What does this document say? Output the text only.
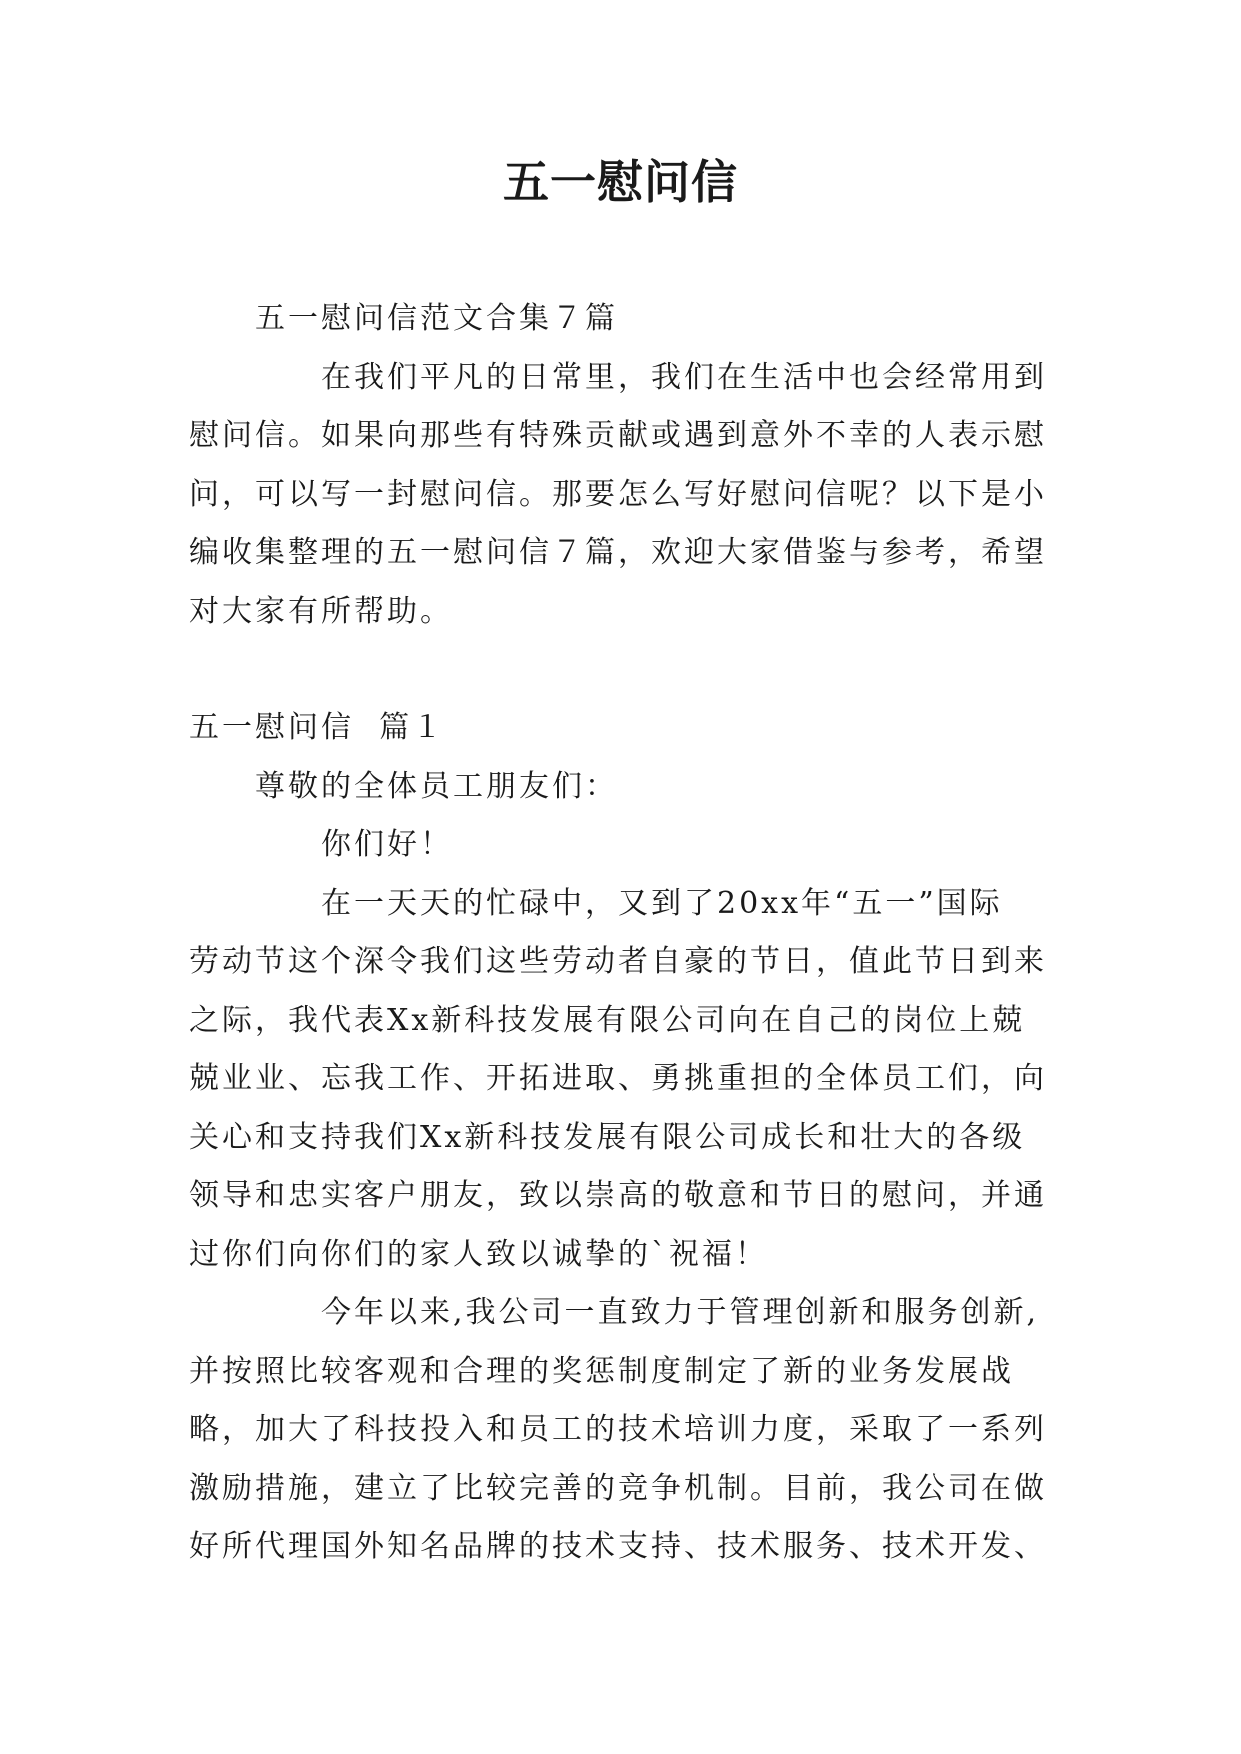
五一慰问信
五一慰问信范文合集７篇
在我们平凡的日常里，我们在生活中也会经常用到
慰问信。如果向那些有特殊贡献或遇到意外不幸的人表示慰
问，可以写一封慰问信。那要怎么写好慰问信呢？以下是小
编收集整理的五一慰问信７篇，欢迎大家借鉴与参考，希望
对大家有所帮助。
五一慰问信  篇１
尊敬的全体员工朋友们：
你们好！
在一天天的忙碌中，又到了20xx年“五一”国际
劳动节这个深令我们这些劳动者自豪的节日，值此节日到来
之际，我代表Xx新科技发展有限公司向在自己的岗位上兢
兢业业、忘我工作、开拓进取、勇挑重担的全体员工们，向
关心和支持我们Xx新科技发展有限公司成长和壮大的各级
领导和忠实客户朋友，致以崇高的敬意和节日的慰问，并通
过你们向你们的家人致以诚挚的`祝福！
今年以来,我公司一直致力于管理创新和服务创新,
并按照比较客观和合理的奖惩制度制定了新的业务发展战
略，加大了科技投入和员工的技术培训力度，采取了一系列
激励措施，建立了比较完善的竞争机制。目前，我公司在做
好所代理国外知名品牌的技术支持、技术服务、技术开发、
